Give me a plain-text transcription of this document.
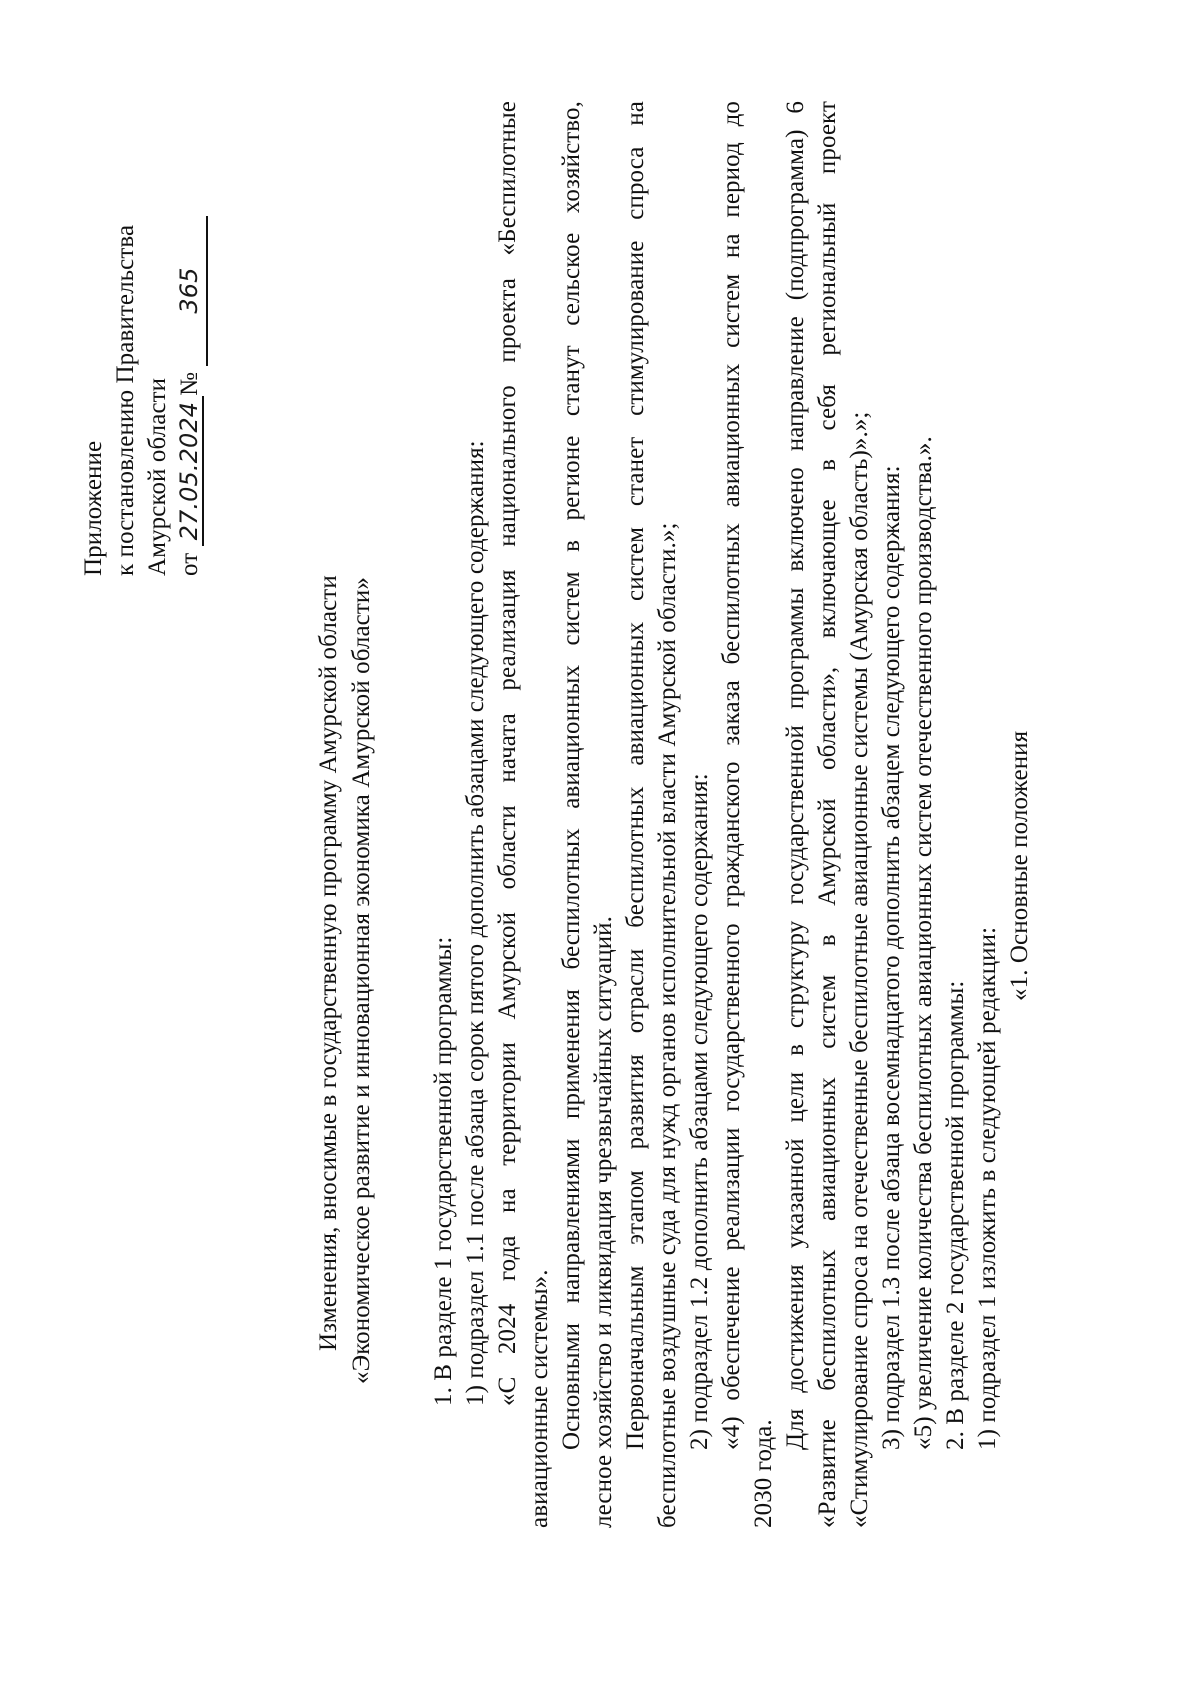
Приложение к постановлению Правительства Амурской области от 27.05.2024№ 365
Изменения, вносимые в государственную программу Амурской области «Экономическое развитие и инновационная экономика Амурской области» 1. В разделе 1 государственной программы: 1) подраздел 1.1 после абзаца сорок пятого дополнить абзацами следующего содержания: «С 2024 года на территории Амурской области начата реализация национального проекта «Беспилотные авиационные системы». Основными направлениями применения беспилотных авиационных систем в регионе станут сельское хозяйство, лесное хозяйство и ликвидация чрезвычайных ситуаций. Первоначальным этапом развития отрасли беспилотных авиационных систем станет стимулирование спроса на беспилотные воздушные суда для нужд органов исполнительной власти Амурской области.»; 2) подраздел 1.2 дополнить абзацами следующего содержания: «4) обеспечение реализации государственного гражданского заказа беспилотных авиационных систем на период до
2030 года.
Для достижения указанной цели в структуру государственной программы включено направление (подпрограмма) 6 «Развитие беспилотных авиационных систем в Амурской области», включающее в себя региональный проект «Стимулирование спроса на отечественные беспилотные авиационные системы (Амурская область)».»; 3) подраздел 1.3 после абзаца восемнадцатого дополнить абзацем следующего содержания: «5) увеличение количества беспилотных авиационных систем отечественного производства.». 2. В разделе 2 государственной программы: 1) подраздел 1 изложить в следующей редакции:
«1. Основные положения
